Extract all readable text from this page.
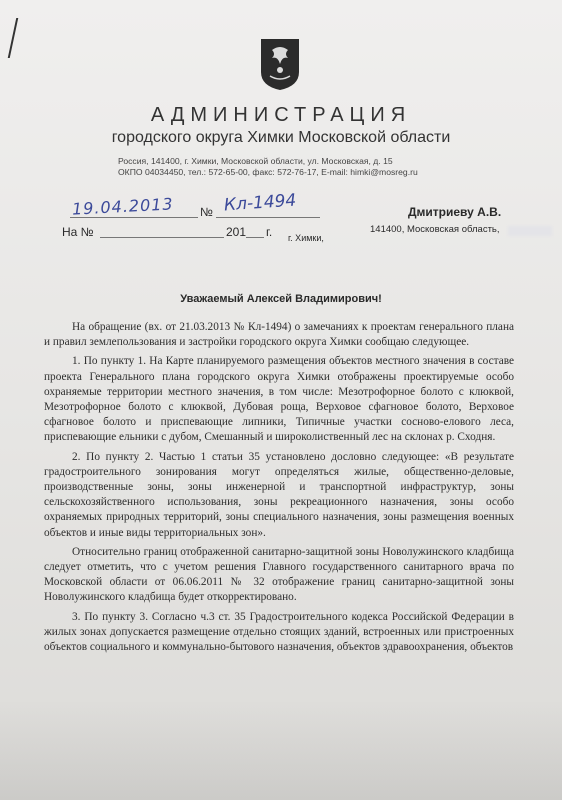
АДМИНИСТРАЦИЯ
городского округа Химки Московской области
Россия, 141400, г. Химки, Московской области, ул. Московская, д. 15
ОКПО 04034450, тел.: 572-65-00, факс: 572-76-17, E-mail: himki@mosreg.ru
19.04.2013 № Кл-1494
На №	201 г. г. Химки,
Дмитриеву А.В.
141400, Московская область,
Уважаемый Алексей Владимирович!

На обращение (вх. от 21.03.2013 № Кл-1494) о замечаниях к проектам генерального плана и правил землепользования и застройки городского округа Химки сообщаю следующее.

1. По пункту 1. На Карте планируемого размещения объектов местного значения в составе проекта Генерального плана городского округа Химки отображены проектируемые особо охраняемые территории местного значения, в том числе: Мезотрофорное болото с клюквой, Мезотрофорное болото с клюквой, Дубовая роща, Верховое сфагновое болото, Верховое сфагновое болото и приспевающие липники, Типичные участки сосново-елового леса, приспевающие ельники с дубом, Смешанный и широколиственный лес на склонах р. Сходня.

2. По пункту 2. Частью 1 статьи 35 установлено дословно следующее: «В результате градостроительного зонирования могут определяться жилые, общественно-деловые, производственные зоны, зоны инженерной и транспортной инфраструктур, зоны сельскохозяйственного использования, зоны рекреационного назначения, зоны особо охраняемых природных территорий, зоны специального назначения, зоны размещения военных объектов и иные виды территориальных зон».

Относительно границ отображенной санитарно-защитной зоны Новолужинского кладбища следует отметить, что с учетом решения Главного государственного санитарного врача по Московской области от 06.06.2011 № 32 отображение границ санитарно-защитной зоны Новолужинского кладбища будет откорректировано.

3. По пункту 3. Согласно ч.3 ст. 35 Градостроительного кодекса Российской Федерации в жилых зонах допускается размещение отдельно стоящих зданий, встроенных или пристроенных объектов социального и коммунально-бытового назначения, объектов здравоохранения, объектов
